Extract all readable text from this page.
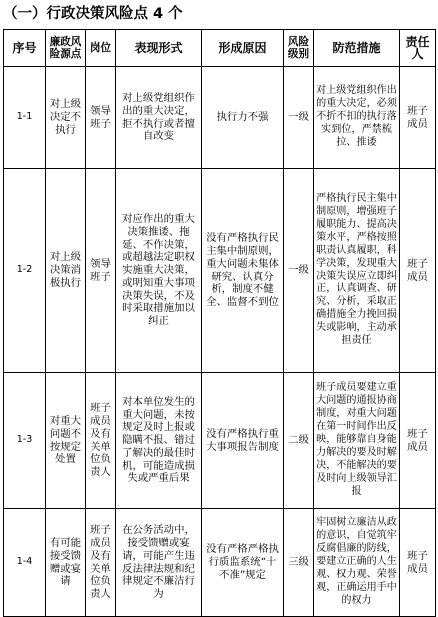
（一）行政决策风险点 4 个
序号	廉政风险源点	岗位	表现形式	形成原因	风险级别	防范措施	责任人
1-1	对上级决定不执行	领导班子	对上级党组织作出的重大决定，拒不执行或者擅自改变	执行力不强	一级	对上级党组织作出的重大决定，必须不折不扣的执行落实到位，严禁梳拉、推诿	班子成员
1-2	对上级决策消极执行	领导班子	对应作出的重大决策推诿、拖延、不作决策，或超越法定职权实施重大决策，或明知重大事项决策失误，不及时采取措施加以纠正	没有严格执行民主集中制原则，重大问题未集体研究、认真分析，制度不健全、监督不到位	一级	严格执行民主集中制原则，增强班子履职能力、提高决策水平，严格按照职责认真履职，科学决策，发现重大决策失误应立即纠正，认真调查、研究、分析，采取正确措施全力挽回损失或影响，主动承担责任	班子成员
1-3	对重大问题不按规定处置	班子成员及有关单位负责人	对本单位发生的重大问题，未按规定及时上报或隐瞒不报、错过了解决的最佳时机，可能造成损失或严重后果	没有严格执行重大事项报告制度	二级	班子成员要建立重大问题的通报协商制度，对重大问题在第一时间作出反映，能够靠自身能力解决的要及时解决，不能解决的要及时向上级领导汇报	班子成员
1-4	有可能接受馈赠或宴请	班子成员及有关单位负责人	在公务活动中，接受馈赠或宴请，可能产生违反法律法规和纪律规定不廉洁行为	没有严格严格执行质监系统“十不准”规定	三级	牢固树立廉洁从政的意识，自觉筑牢反腐倡廉的防线，要建立正确的人生观、权力观、荣誉观，正确运用手中的权力	班子成员
